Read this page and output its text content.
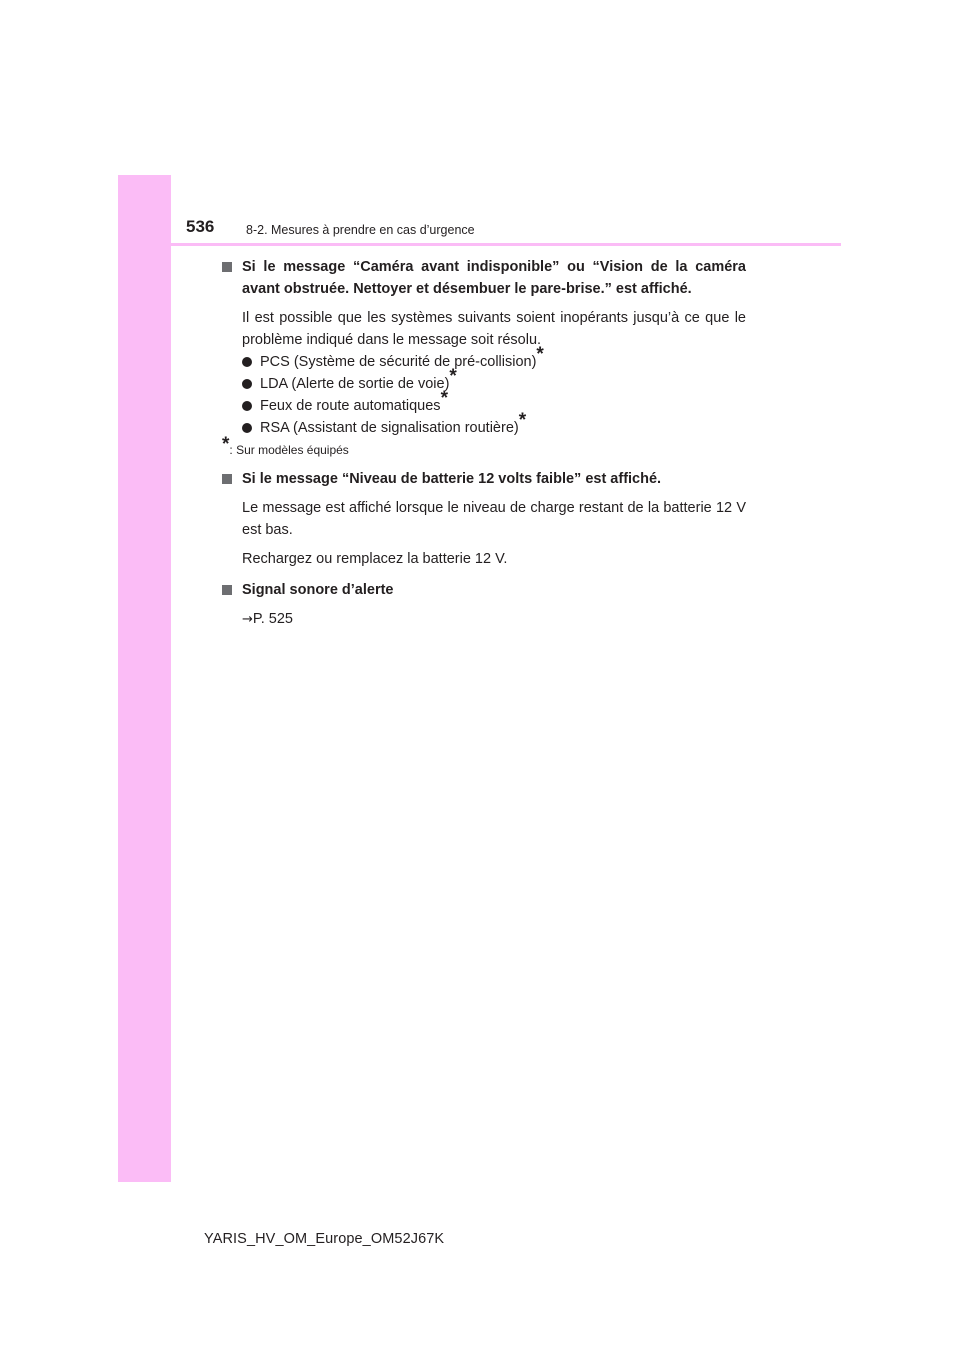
536	8-2. Mesures à prendre en cas d’urgence

Si le message “Caméra avant indisponible” ou “Vision de la caméra avant obstruée. Nettoyer et désembuer le pare-brise.” est affiché.

Il est possible que les systèmes suivants soient inopérants jusqu’à ce que le problème indiqué dans le message soit résolu.

PCS (Système de sécurité de pré-collision)*
LDA (Alerte de sortie de voie)*
Feux de route automatiques*
RSA (Assistant de signalisation routière)*

*: Sur modèles équipés

Si le message “Niveau de batterie 12 volts faible” est affiché.

Le message est affiché lorsque le niveau de charge restant de la batterie 12 V est bas.

Rechargez ou remplacez la batterie 12 V.

Signal sonore d’alerte

→P. 525

YARIS_HV_OM_Europe_OM52J67K
